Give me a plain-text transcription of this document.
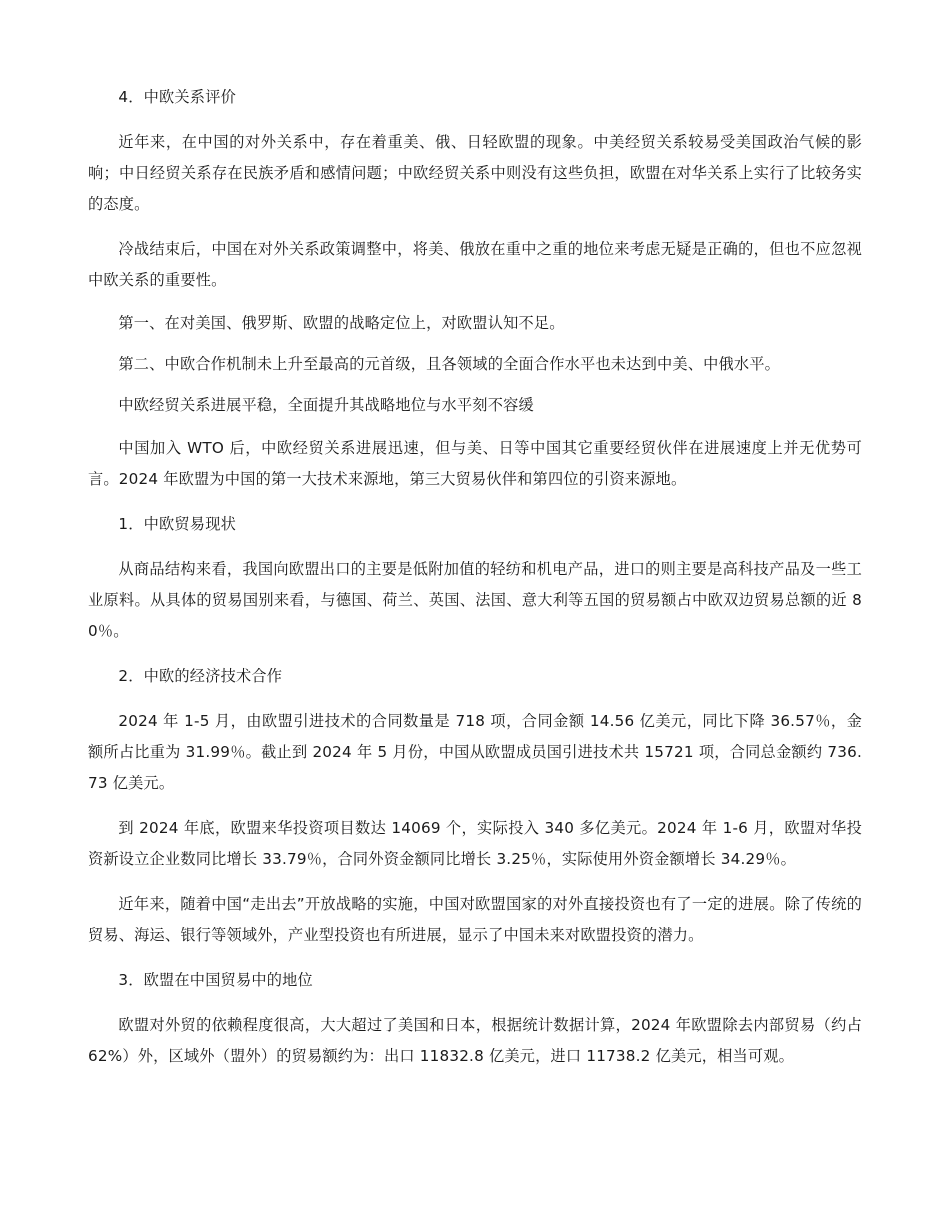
4．中欧关系评价

近年来，在中国的对外关系中，存在着重美、俄、日轻欧盟的现象。中美经贸关系较易受美国政治气候的影响；中日经贸关系存在民族矛盾和感情问题；中欧经贸关系中则没有这些负担，欧盟在对华关系上实行了比较务实的态度。

冷战结束后，中国在对外关系政策调整中，将美、俄放在重中之重的地位来考虑无疑是正确的，但也不应忽视中欧关系的重要性。

第一、在对美国、俄罗斯、欧盟的战略定位上，对欧盟认知不足。

第二、中欧合作机制未上升至最高的元首级，且各领域的全面合作水平也未达到中美、中俄水平。

中欧经贸关系进展平稳，全面提升其战略地位与水平刻不容缓

中国加入 WTO 后，中欧经贸关系进展迅速，但与美、日等中国其它重要经贸伙伴在进展速度上并无优势可言。2024 年欧盟为中国的第一大技术来源地，第三大贸易伙伴和第四位的引资来源地。

1．中欧贸易现状

从商品结构来看，我国向欧盟出口的主要是低附加值的轻纺和机电产品，进口的则主要是高科技产品及一些工业原料。从具体的贸易国别来看，与德国、荷兰、英国、法国、意大利等五国的贸易额占中欧双边贸易总额的近 80％。

2．中欧的经济技术合作

2024 年 1-5 月，由欧盟引进技术的合同数量是 718 项，合同金额 14.56 亿美元，同比下降 36.57％，金额所占比重为 31.99％。截止到 2024 年 5 月份，中国从欧盟成员国引进技术共 15721 项，合同总金额约 736.73 亿美元。

到 2024 年底，欧盟来华投资项目数达 14069 个，实际投入 340 多亿美元。2024 年 1-6 月，欧盟对华投资新设立企业数同比增长 33.79％，合同外资金额同比增长 3.25％，实际使用外资金额增长 34.29％。

近年来，随着中国“走出去”开放战略的实施，中国对欧盟国家的对外直接投资也有了一定的进展。除了传统的贸易、海运、银行等领域外，产业型投资也有所进展，显示了中国未来对欧盟投资的潜力。

3．欧盟在中国贸易中的地位

欧盟对外贸的依赖程度很高，大大超过了美国和日本，根据统计数据计算，2024 年欧盟除去内部贸易（约占 62%）外，区域外（盟外）的贸易额约为：出口 11832.8 亿美元，进口 11738.2 亿美元，相当可观。
